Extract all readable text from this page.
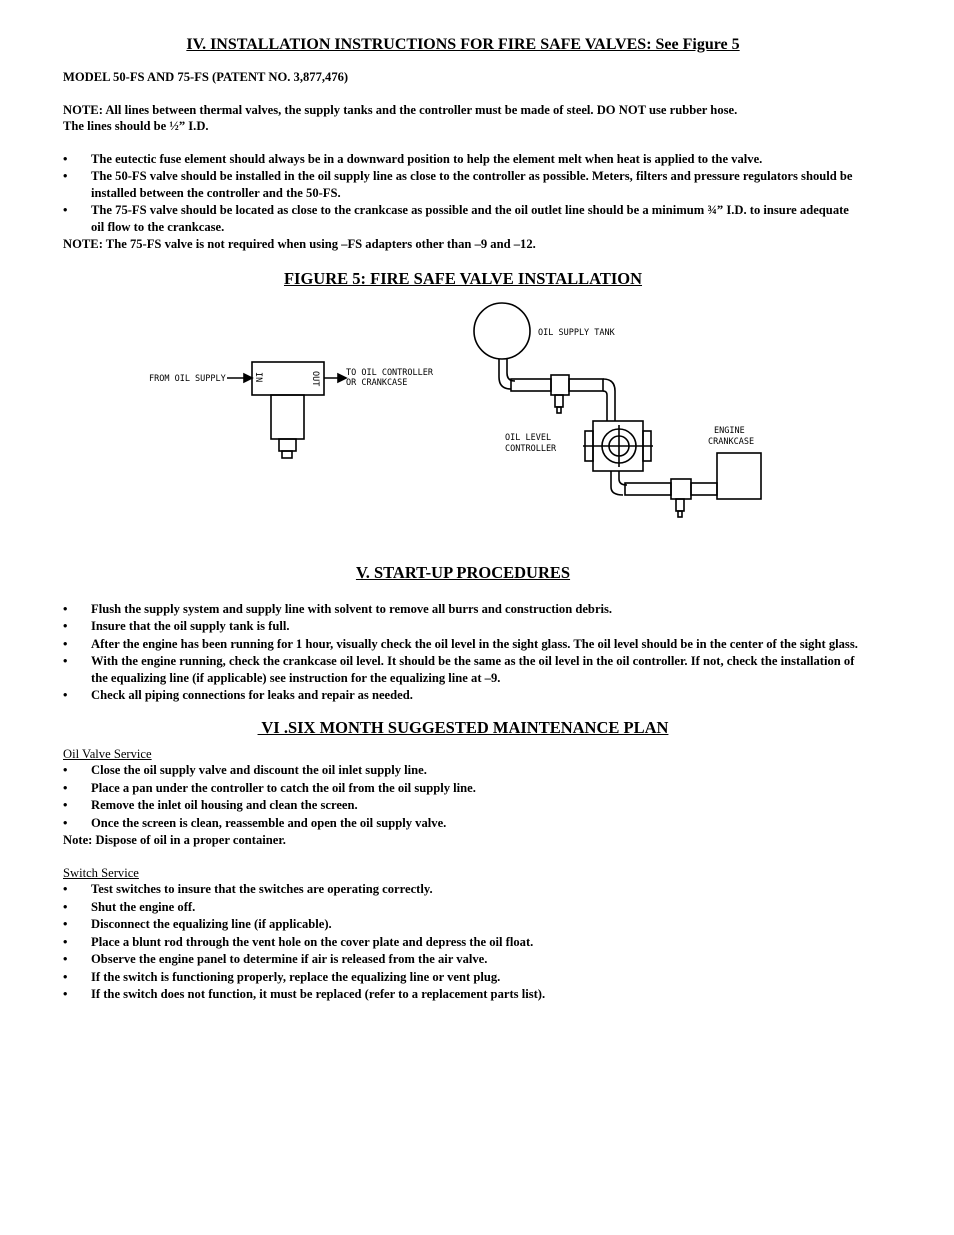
IV. INSTALLATION INSTRUCTIONS FOR FIRE SAFE VALVES: See Figure 5

MODEL 50-FS AND 75-FS (PATENT NO. 3,877,476)

NOTE: All lines between thermal valves, the supply tanks and the controller must be made of steel. DO NOT use rubber hose.
The lines should be ½” I.D.

• The eutectic fuse element should always be in a downward position to help the element melt when heat is applied to the valve.
• The 50-FS valve should be installed in the oil supply line as close to the controller as possible. Meters, filters and pressure regulators should be installed between the controller and the 50-FS.
• The 75-FS valve should be located as close to the crankcase as possible and the oil outlet line should be a minimum ¾” I.D. to insure adequate oil flow to the crankcase.

NOTE: The 75-FS valve is not required when using –FS adapters other than –9 and –12.

FIGURE 5: FIRE SAFE VALVE INSTALLATION
FROM OIL SUPPLY	IN	OUT	TO OIL CONTROLLER
OR CRANKCASE
OIL SUPPLY TANK
OIL LEVEL
CONTROLLER
ENGINE
CRANKCASE
V. START-UP PROCEDURES
• Flush the supply system and supply line with solvent to remove all burrs and construction debris.
• Insure that the oil supply tank is full.
• After the engine has been running for 1 hour, visually check the oil level in the sight glass. The oil level should be in the center of the sight glass.
• With the engine running, check the crankcase oil level. It should be the same as the oil level in the oil controller. If not, check the installation of the equalizing line (if applicable) see instruction for the equalizing line at –9.
• Check all piping connections for leaks and repair as needed.
VI .SIX MONTH SUGGESTED MAINTENANCE PLAN

Oil Valve Service

• Close the oil supply valve and discount the oil inlet supply line.
• Place a pan under the controller to catch the oil from the oil supply line.
• Remove the inlet oil housing and clean the screen.
• Once the screen is clean, reassemble and open the oil supply valve.

Note: Dispose of oil in a proper container.

Switch Service

• Test switches to insure that the switches are operating correctly.
• Shut the engine off.
• Disconnect the equalizing line (if applicable).
• Place a blunt rod through the vent hole on the cover plate and depress the oil float.
• Observe the engine panel to determine if air is released from the air valve.
• If the switch is functioning properly, replace the equalizing line or vent plug.
• If the switch does not function, it must be replaced (refer to a replacement parts list).
